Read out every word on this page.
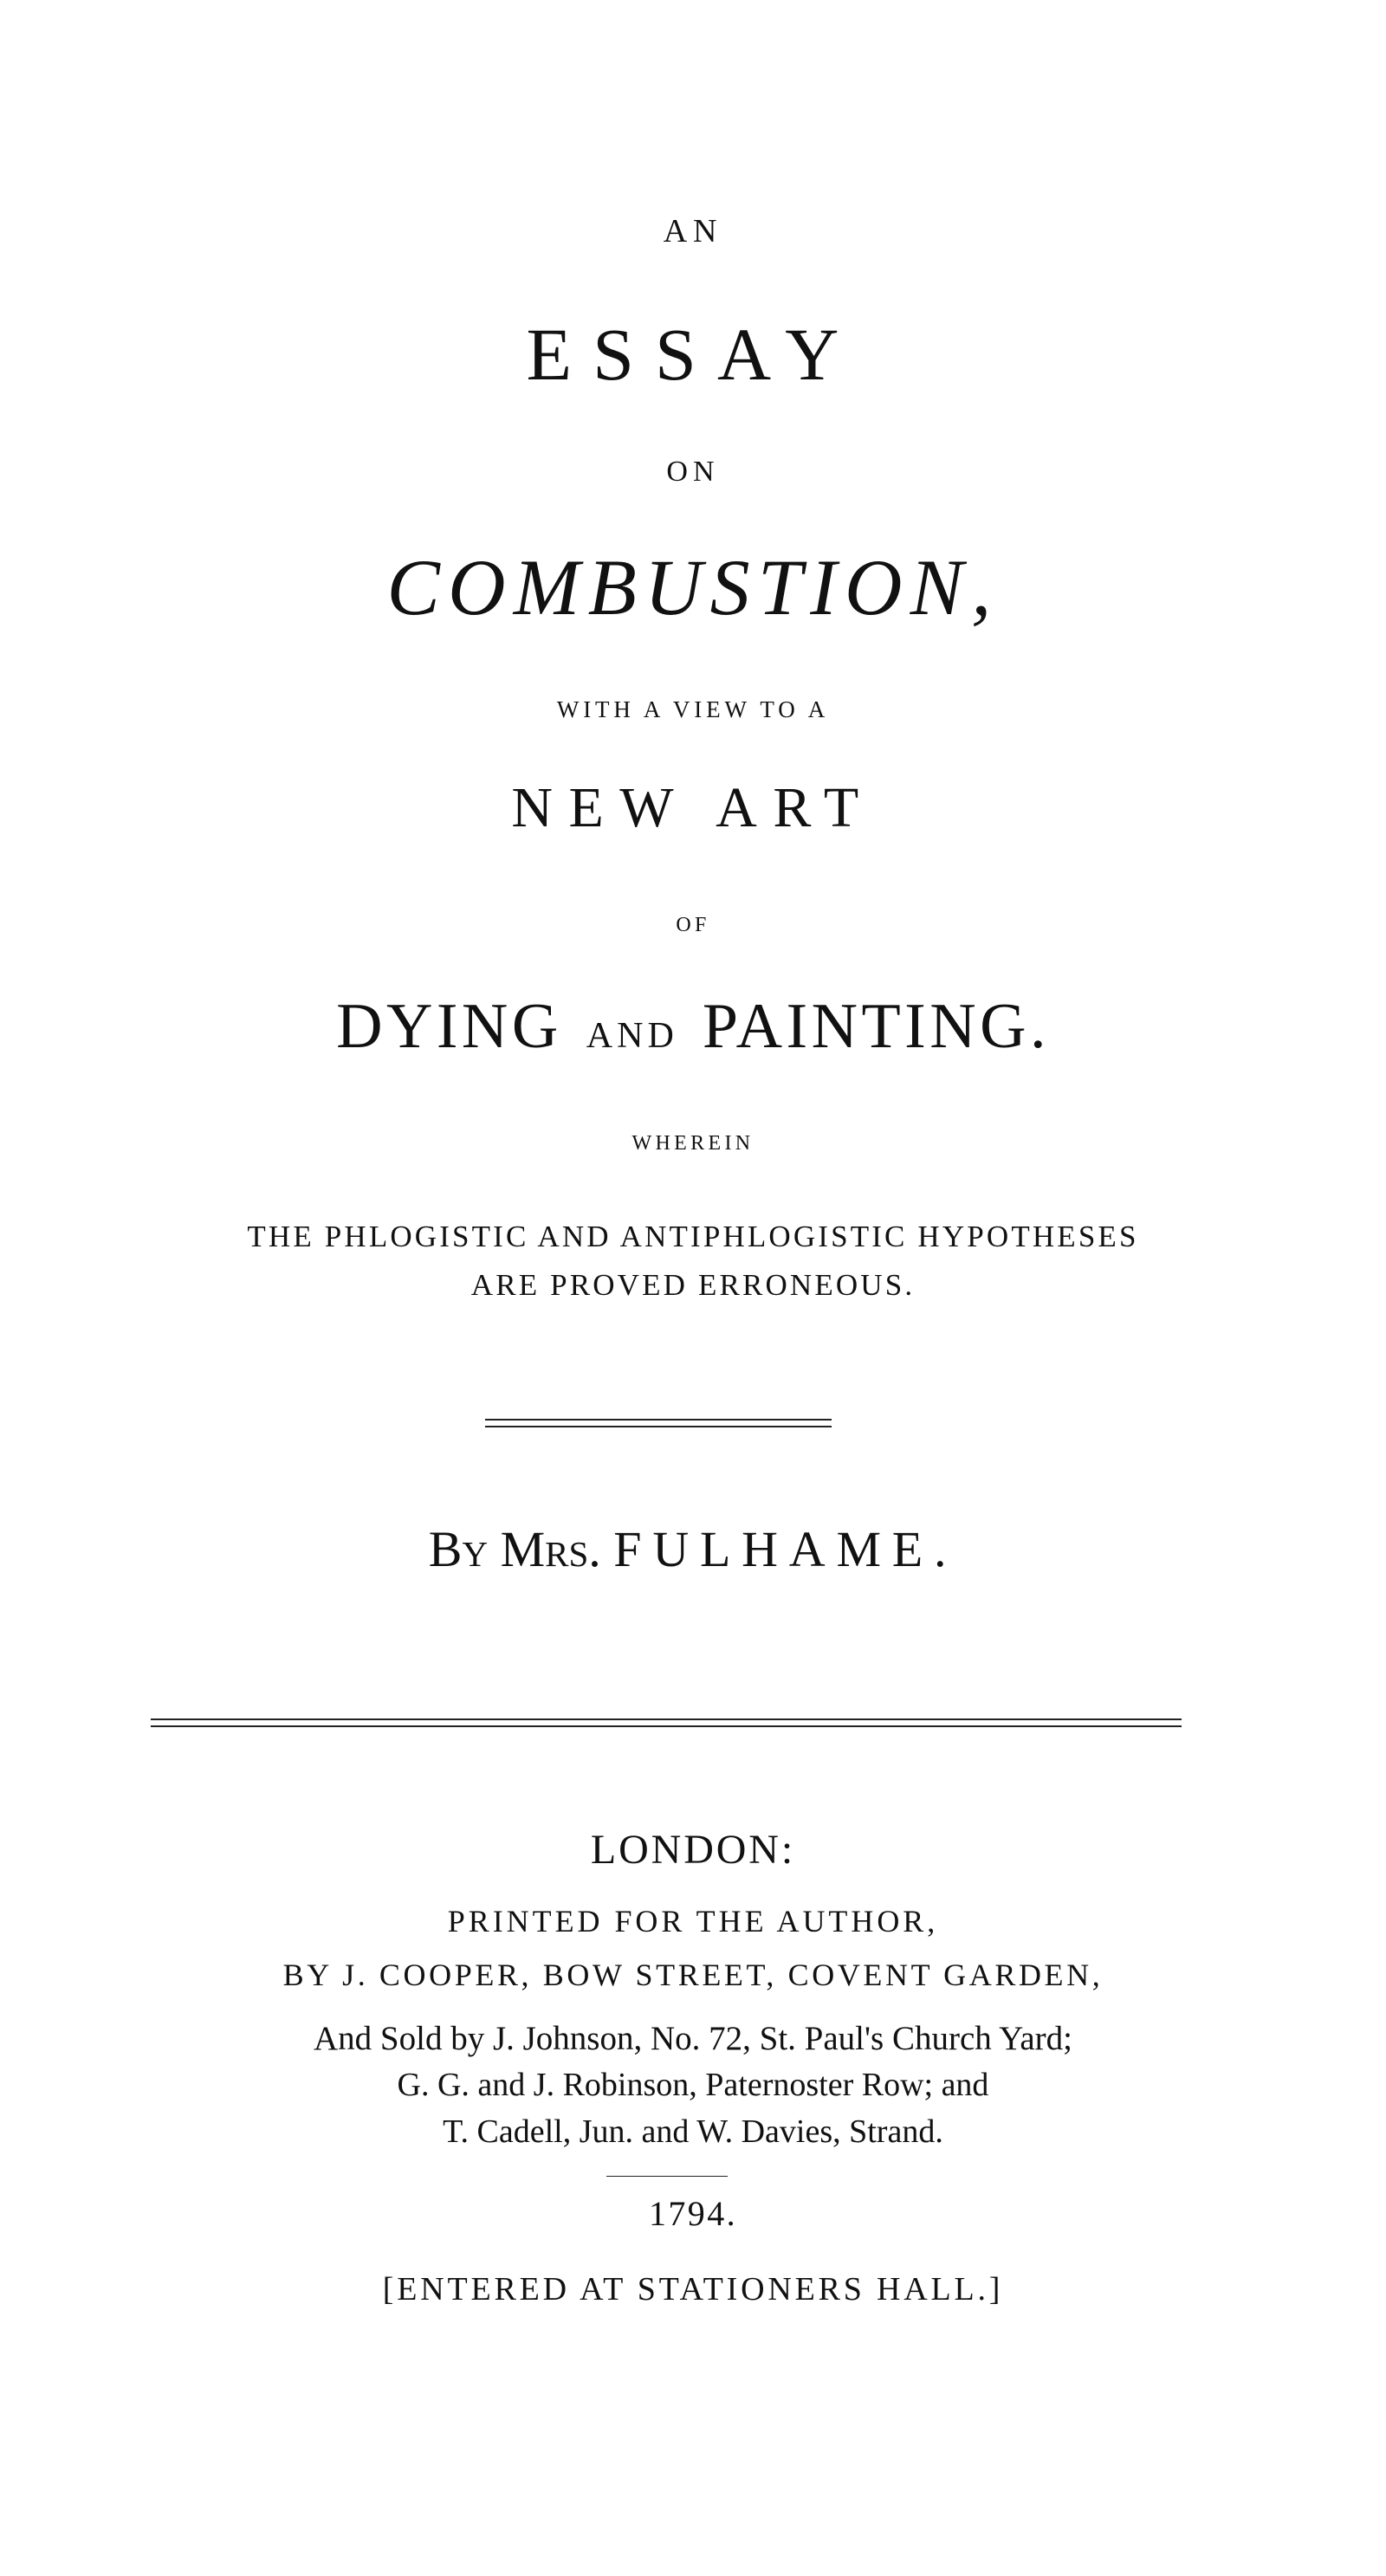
AN
ESSAY
ON
COMBUSTION,
WITH A VIEW TO A
NEW ART
OF
DYING AND PAINTING.
WHEREIN
THE PHLOGISTIC AND ANTIPHLOGISTIC HYPOTHESES
ARE PROVED ERRONEOUS.
By Mrs. FULHAME.
LONDON:
PRINTED FOR THE AUTHOR,
BY J. COOPER, BOW STREET, COVENT GARDEN,
And Sold by J. Johnson, No. 72, St. Paul's Church Yard;
G. G. and J. Robinson, Paternoster Row; and
T. Cadell, Jun. and W. Davies, Strand.
1794.
[ENTERED AT STATIONERS HALL.]
